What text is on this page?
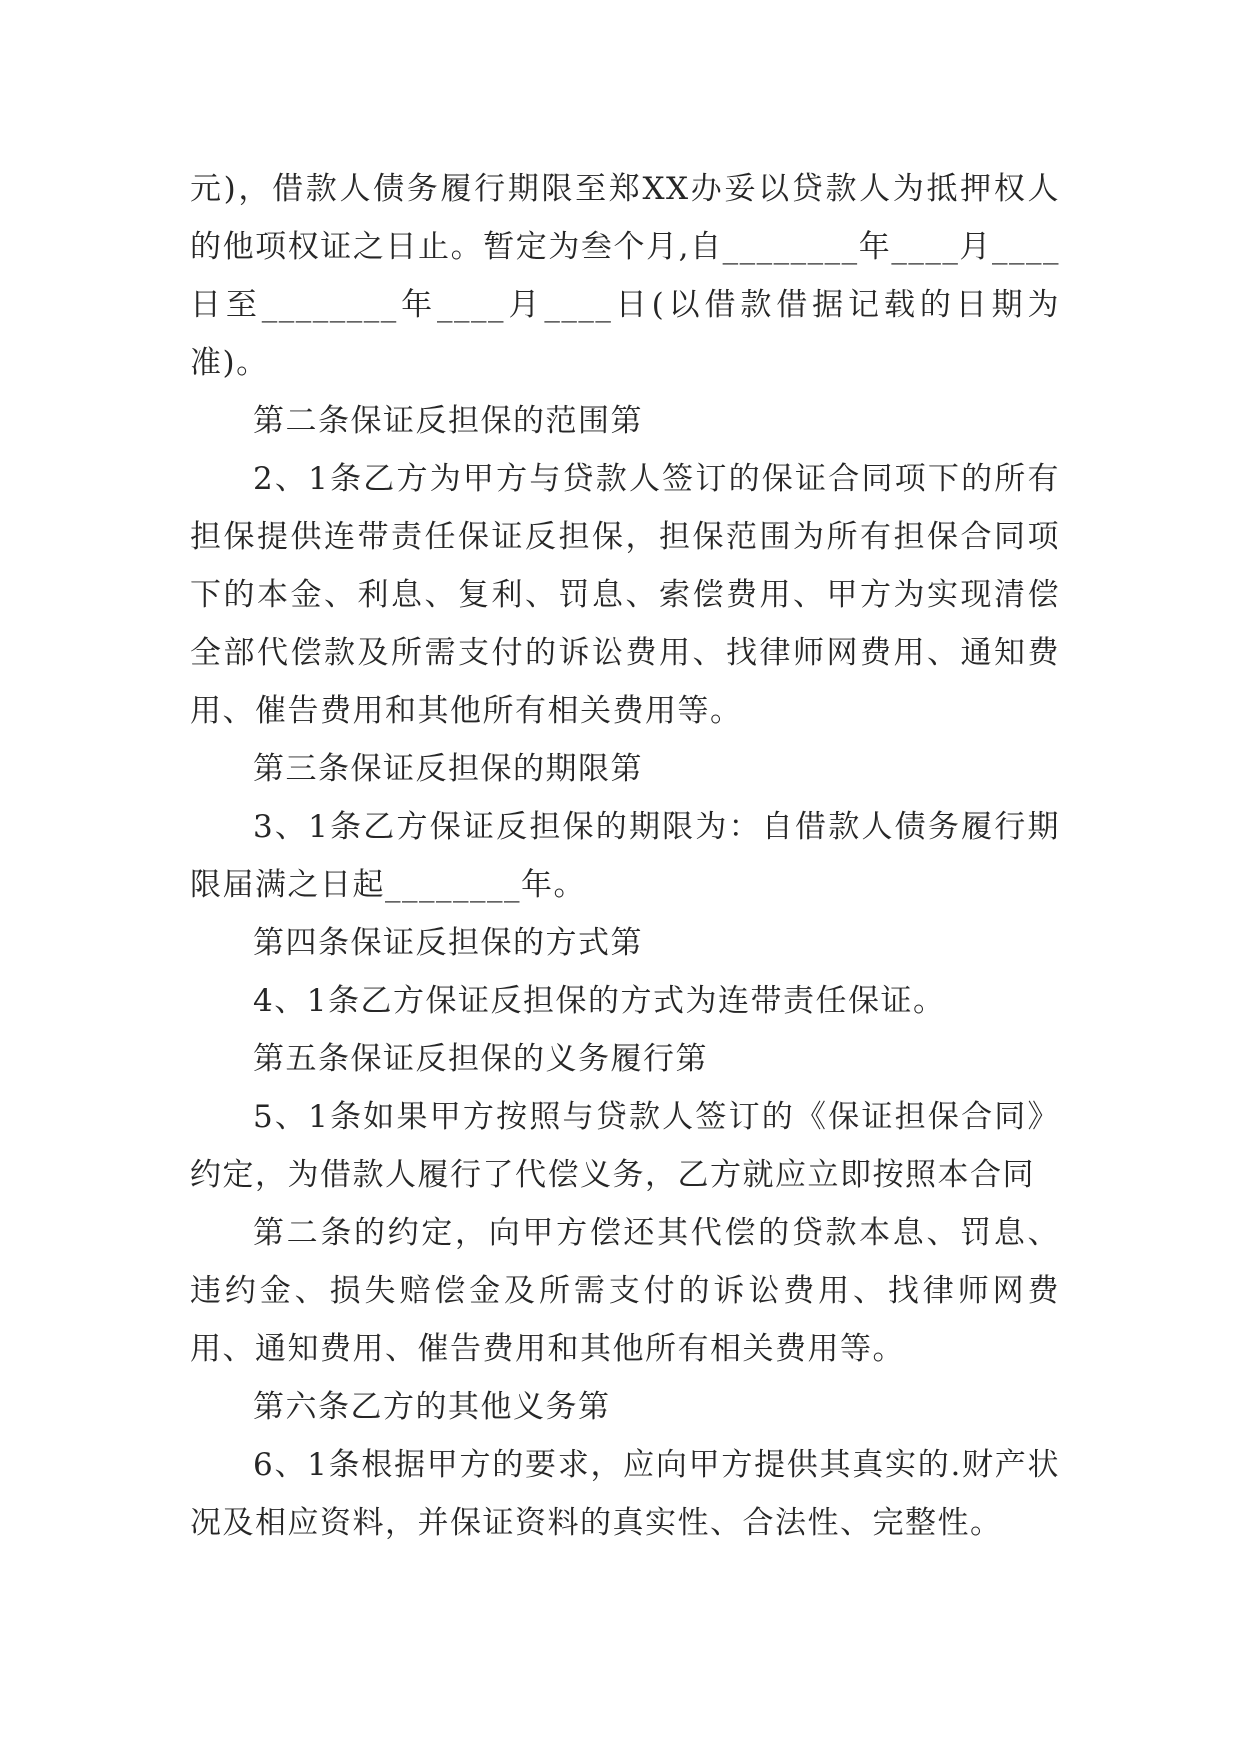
元)，借款人债务履行期限至郑XX办妥以贷款人为抵押权人的他项权证之日止。暂定为叁个月,自________年____月____日至________年____月____日(以借款借据记载的日期为准)。

第二条保证反担保的范围第

2、1条乙方为甲方与贷款人签订的保证合同项下的所有担保提供连带责任保证反担保，担保范围为所有担保合同项下的本金、利息、复利、罚息、索偿费用、甲方为实现清偿全部代偿款及所需支付的诉讼费用、找律师网费用、通知费用、催告费用和其他所有相关费用等。

第三条保证反担保的期限第

3、1条乙方保证反担保的期限为：自借款人债务履行期限届满之日起________年。

第四条保证反担保的方式第

4、1条乙方保证反担保的方式为连带责任保证。

第五条保证反担保的义务履行第

5、1条如果甲方按照与贷款人签订的《保证担保合同》约定，为借款人履行了代偿义务，乙方就应立即按照本合同

第二条的约定，向甲方偿还其代偿的贷款本息、罚息、违约金、损失赔偿金及所需支付的诉讼费用、找律师网费用、通知费用、催告费用和其他所有相关费用等。

第六条乙方的其他义务第

6、1条根据甲方的要求，应向甲方提供其真实的.财产状况及相应资料，并保证资料的真实性、合法性、完整性。
